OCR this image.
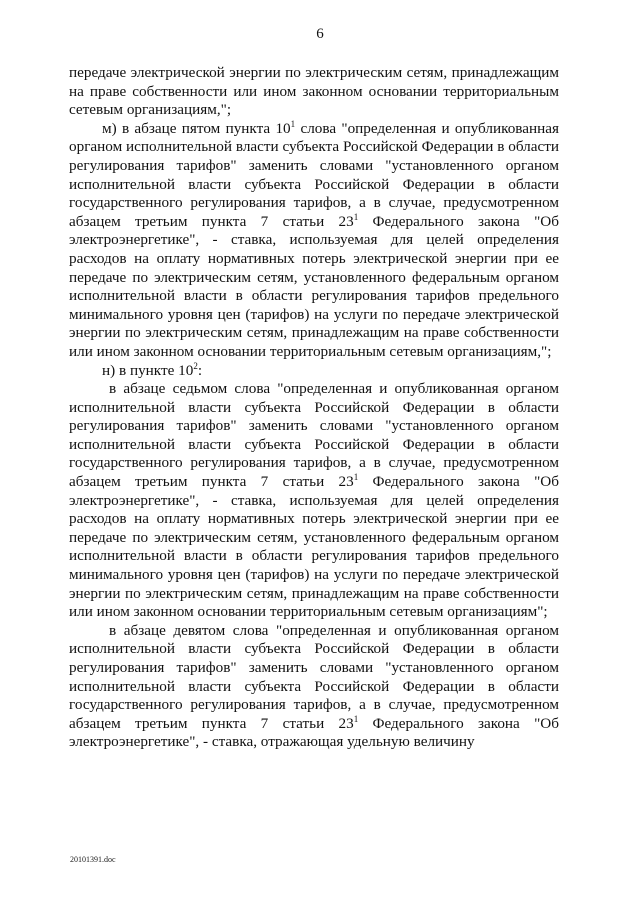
6

передаче электрической энергии по электрическим сетям, принадлежащим на праве собственности или ином законном основании территориальным сетевым организациям,";

м) в абзаце пятом пункта $10^1$ слова "определенная и опубликованная органом исполнительной власти субъекта Российской Федерации в области регулирования тарифов" заменить словами "установленного органом исполнительной власти субъекта Российской Федерации в области государственного регулирования тарифов, а в случае, предусмотренном абзацем третьим пункта 7 статьи $23^1$ Федерального закона "Об электроэнергетике", - ставка, используемая для целей определения расходов на оплату нормативных потерь электрической энергии при ее передаче по электрическим сетям, установленного федеральным органом исполнительной власти в области регулирования тарифов предельного минимального уровня цен (тарифов) на услуги по передаче электрической энергии по электрическим сетям, принадлежащим на праве собственности или ином законном основании территориальным сетевым организациям,";

н) в пункте $10^2$:

в абзаце седьмом слова "определенная и опубликованная органом исполнительной власти субъекта Российской Федерации в области регулирования тарифов" заменить словами "установленного органом исполнительной власти субъекта Российской Федерации в области государственного регулирования тарифов, а в случае, предусмотренном абзацем третьим пункта 7 статьи $23^1$ Федерального закона "Об электроэнергетике", - ставка, используемая для целей определения расходов на оплату нормативных потерь электрической энергии при ее передаче по электрическим сетям, установленного федеральным органом исполнительной власти в области регулирования тарифов предельного минимального уровня цен (тарифов) на услуги по передаче электрической энергии по электрическим сетям, принадлежащим на праве собственности или ином законном основании территориальным сетевым организациям";

в абзаце девятом слова "определенная и опубликованная органом исполнительной власти субъекта Российской Федерации в области регулирования тарифов" заменить словами "установленного органом исполнительной власти субъекта Российской Федерации в области государственного регулирования тарифов, а в случае, предусмотренном абзацем третьим пункта 7 статьи $23^1$ Федерального закона "Об электроэнергетике", - ставка, отражающая удельную величину

20101391.doc
